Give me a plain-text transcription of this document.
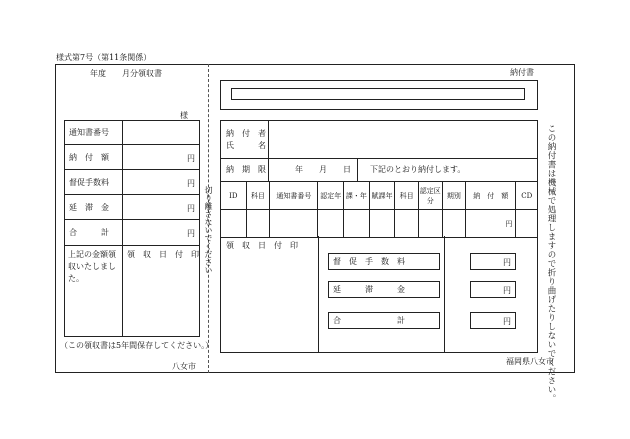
様式第7号（第11条関係）
年度　　月分領収書
様
通知書番号
納　付　額	円
督促手数料	円
延　滞　金	円
合　　　計	円
上記の金額領収いたしました。
領　収　日　付　印
（この領収書は5年間保存してください。）
八女市
切り離さないでください
納付書
納　付　者
氏　　　名
納　期　限	年　　月　　日 下記のとおり納付します。
ID	科目	通知書番号	認定年	課・年	賦課年	科目	認定区分	期別	納　付　額	CD
									円	
領　収　日　付　印
督　促　手　数　料	円
延　　　滞　　　金	円
合　　　　　　　計	円	この納付書は機械で処理しますので折り曲げたりしないでください。
福岡県八女市
